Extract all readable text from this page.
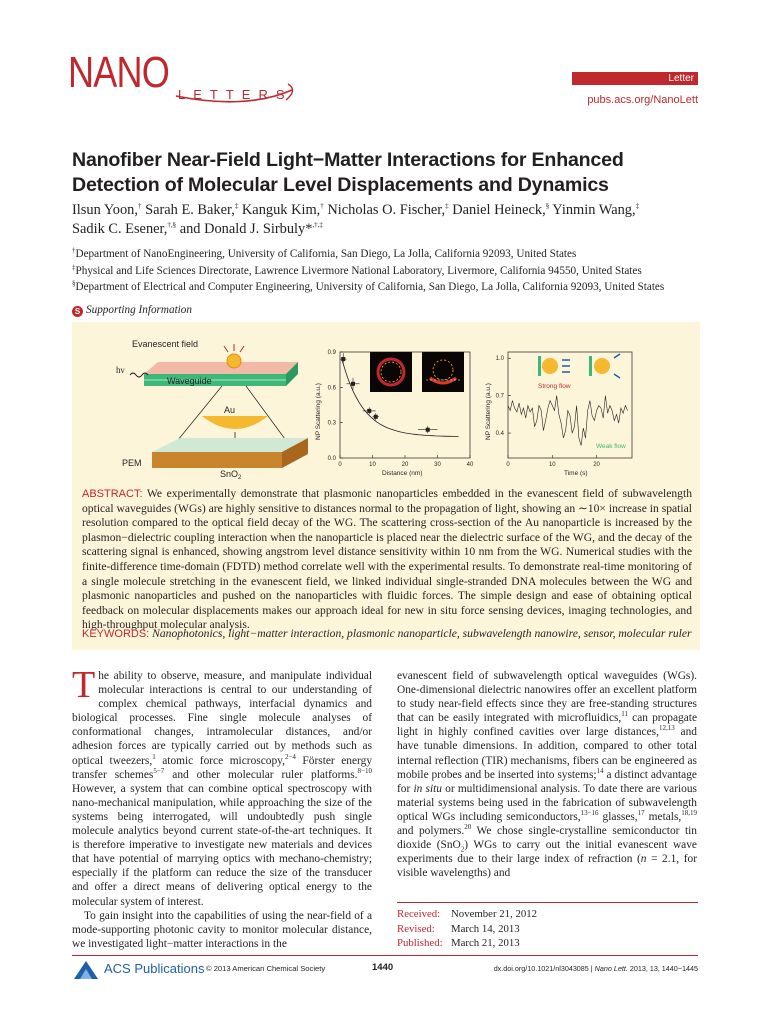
NANO LETTERS
Letter
pubs.acs.org/NanoLett
Nanofiber Near-Field Light−Matter Interactions for Enhanced Detection of Molecular Level Displacements and Dynamics
Ilsun Yoon,† Sarah E. Baker,‡ Kanguk Kim,† Nicholas O. Fischer,‡ Daniel Heineck,§ Yinmin Wang,‡
Sadik C. Esener,†,§ and Donald J. Sirbuly*,†,‡
†Department of NanoEngineering, University of California, San Diego, La Jolla, California 92093, United States
‡Physical and Life Sciences Directorate, Lawrence Livermore National Laboratory, Livermore, California 94550, United States
§Department of Electrical and Computer Engineering, University of California, San Diego, La Jolla, California 92093, United States
S Supporting Information
Evanescent field
Waveguide
hν
Au
PEM
SnO$_2$
NP Scattering (a.u.)
Distance (nm)
0.0
0.3
0.6
0.9
0	10	20	30	40
NP Scattering (a.u.)
Time (s)
0.4
0.7
1.0
0	10	20
Strong flow
Weak flow
ABSTRACT: We experimentally demonstrate that plasmonic nanoparticles embedded in the evanescent field of subwavelength optical waveguides (WGs) are highly sensitive to distances normal to the propagation of light, showing an ∼10× increase in spatial resolution compared to the optical field decay of the WG. The scattering cross-section of the Au nanoparticle is increased by the plasmon−dielectric coupling interaction when the nanoparticle is placed near the dielectric surface of the WG, and the decay of the scattering signal is enhanced, showing angstrom level distance sensitivity within 10 nm from the WG. Numerical studies with the finite-difference time-domain (FDTD) method correlate well with the experimental results. To demonstrate real-time monitoring of a single molecule stretching in the evanescent field, we linked individual single-stranded DNA molecules between the WG and plasmonic nanoparticles and pushed on the nanoparticles with fluidic forces. The simple design and ease of obtaining optical feedback on molecular displacements makes our approach ideal for new in situ force sensing devices, imaging technologies, and high-throughput molecular analysis.
KEYWORDS: Nanophotonics, light−matter interaction, plasmonic nanoparticle, subwavelength nanowire, sensor, molecular ruler
The ability to observe, measure, and manipulate individual molecular interactions is central to our understanding of complex chemical pathways, interfacial dynamics and biological processes. Fine single molecule analyses of conformational changes, intramolecular distances, and/or adhesion forces are typically carried out by methods such as optical tweezers,$^1$ atomic force microscopy,$^{2-4}$ Förster energy transfer schemes$^{5-7}$ and other molecular ruler platforms.$^{8-10}$ However, a system that can combine optical spectroscopy with nano-mechanical manipulation, while approaching the size of the systems being interrogated, will undoubtedly push single molecule analytics beyond current state-of-the-art techniques. It is therefore imperative to investigate new materials and devices that have potential of marrying optics with mechano-chemistry; especially if the platform can reduce the size of the transducer and offer a direct means of delivering optical energy to the molecular system of interest.
To gain insight into the capabilities of using the near-field of a mode-supporting photonic cavity to monitor molecular distance, we investigated light−matter interactions in the
evanescent field of subwavelength optical waveguides (WGs). One-dimensional dielectric nanowires offer an excellent platform to study near-field effects since they are free-standing structures that can be easily integrated with microfluidics,$^{11}$ can propagate light in highly confined cavities over large distances,$^{12,13}$ and have tunable dimensions. In addition, compared to other total internal reflection (TIR) mechanisms, fibers can be engineered as mobile probes and be inserted into systems;$^{14}$ a distinct advantage for in situ or multidimensional analysis. To date there are various material systems being used in the fabrication of subwavelength optical WGs including semiconductors,$^{13-16}$ glasses,$^{17}$ metals,$^{18,19}$ and polymers.$^{20}$ We chose single-crystalline semiconductor tin dioxide (SnO$_2$) WGs to carry out the initial evanescent wave experiments due to their large index of refraction (n = 2.1, for visible wavelengths) and
Received: November 21, 2012
Revised: March 14, 2013
Published: March 21, 2013
ACS Publications © 2013 American Chemical Society	1440	dx.doi.org/10.1021/nl3043085 | Nano Lett. 2013, 13, 1440−1445
